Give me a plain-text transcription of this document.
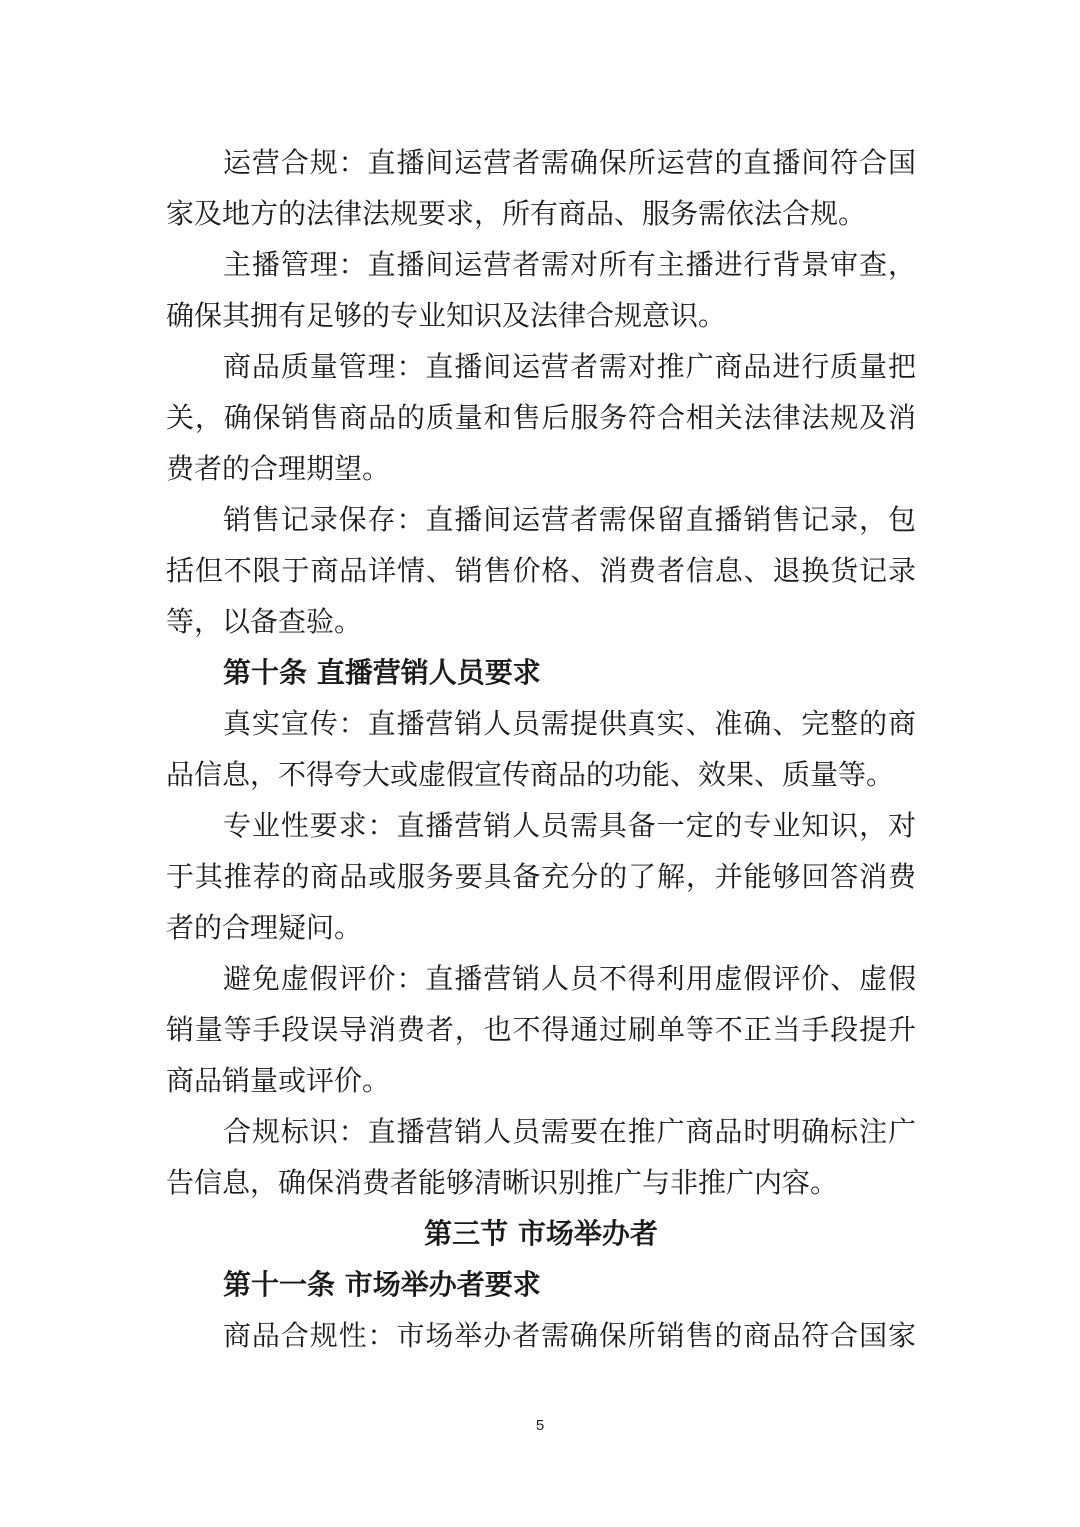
运营合规：直播间运营者需确保所运营的直播间符合国
家及地方的法律法规要求，所有商品、服务需依法合规。
主播管理：直播间运营者需对所有主播进行背景审查，
确保其拥有足够的专业知识及法律合规意识。
商品质量管理：直播间运营者需对推广商品进行质量把
关，确保销售商品的质量和售后服务符合相关法律法规及消
费者的合理期望。
销售记录保存：直播间运营者需保留直播销售记录，包
括但不限于商品详情、销售价格、消费者信息、退换货记录
等，以备查验。
第十条 直播营销人员要求
真实宣传：直播营销人员需提供真实、准确、完整的商
品信息，不得夸大或虚假宣传商品的功能、效果、质量等。
专业性要求：直播营销人员需具备一定的专业知识，对
于其推荐的商品或服务要具备充分的了解，并能够回答消费
者的合理疑问。
避免虚假评价：直播营销人员不得利用虚假评价、虚假
销量等手段误导消费者，也不得通过刷单等不正当手段提升
商品销量或评价。
合规标识：直播营销人员需要在推广商品时明确标注广
告信息，确保消费者能够清晰识别推广与非推广内容。
第三节 市场举办者
第十一条 市场举办者要求
商品合规性：市场举办者需确保所销售的商品符合国家
5
